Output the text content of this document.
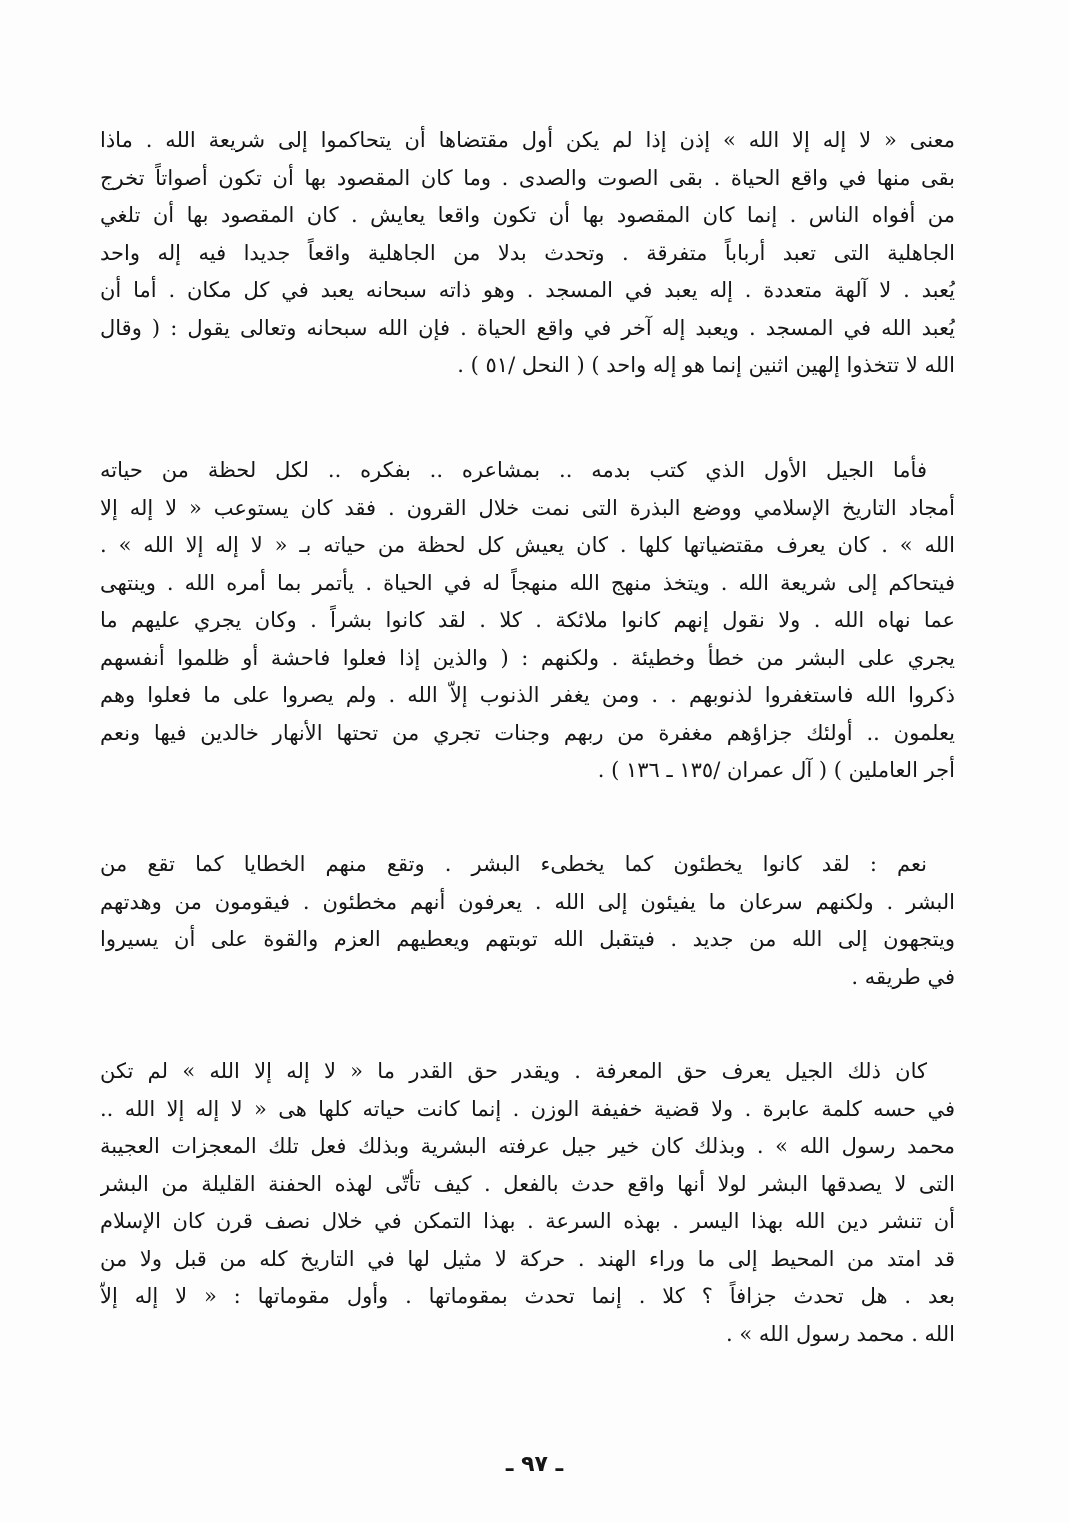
معنى « لا إله إلا الله » إذن إذا لم يكن أول مقتضاها أن يتحاكموا إلى شريعة الله . ماذا
بقى منها في واقع الحياة . بقى الصوت والصدى . وما كان المقصود بها أن تكون أصواتاً تخرج
من أفواه الناس . إنما كان المقصود بها أن تكون واقعا يعايش . كان المقصود بها أن تلغي
الجاهلية التى تعبد أرباباً متفرقة . وتحدث بدلا من الجاهلية واقعاً جديدا فيه إله واحد
يُعبد . لا آلهة متعددة . إله يعبد في المسجد . وهو ذاته سبحانه يعبد في كل مكان . أما أن
يُعبد الله في المسجد . ويعبد إله آخر في واقع الحياة . فإن الله سبحانه وتعالى يقول : ( وقال
الله لا تتخذوا إلهين اثنين إنما هو إله واحد ) ( النحل /٥١ ) .
فأما الجيل الأول الذي كتب بدمه .. بمشاعره .. بفكره .. لكل لحظة من حياته
أمجاد التاريخ الإسلامي ووضع البذرة التى نمت خلال القرون . فقد كان يستوعب « لا إله إلا
الله » . كان يعرف مقتضياتها كلها . كان يعيش كل لحظة من حياته بـ « لا إله إلا الله » .
فيتحاكم إلى شريعة الله . ويتخذ منهج الله منهجاً له في الحياة . يأتمر بما أمره الله . وينتهى
عما نهاه الله . ولا نقول إنهم كانوا ملائكة . كلا . لقد كانوا بشراً . وكان يجري عليهم ما
يجري على البشر من خطأ وخطيئة . ولكنهم : ( والذين إذا فعلوا فاحشة أو ظلموا أنفسهم
ذكروا الله فاستغفروا لذنوبهم . . ومن يغفر الذنوب إلاّ الله . ولم يصروا على ما فعلوا وهم
يعلمون .. أولئك جزاؤهم مغفرة من ربهم وجنات تجري من تحتها الأنهار خالدين فيها ونعم
أجر العاملين ) ( آل عمران /١٣٥ ـ ١٣٦ ) .
نعم : لقد كانوا يخطئون كما يخطىء البشر . وتقع منهم الخطايا كما تقع من
البشر . ولكنهم سرعان ما يفيئون إلى الله . يعرفون أنهم مخطئون . فيقومون من وهدتهم
ويتجهون إلى الله من جديد . فيتقبل الله توبتهم ويعطيهم العزم والقوة على أن يسيروا
في طريقه .
كان ذلك الجيل يعرف حق المعرفة . ويقدر حق القدر ما « لا إله إلا الله » لم تكن
في حسه كلمة عابرة . ولا قضية خفيفة الوزن . إنما كانت حياته كلها هى « لا إله إلا الله ..
محمد رسول الله » . وبذلك كان خير جيل عرفته البشرية وبذلك فعل تلك المعجزات العجيبة
التى لا يصدقها البشر لولا أنها واقع حدث بالفعل . كيف تأتّى لهذه الحفنة القليلة من البشر
أن تنشر دين الله بهذا اليسر . بهذه السرعة . بهذا التمكن في خلال نصف قرن كان الإسلام
قد امتد من المحيط إلى ما وراء الهند . حركة لا مثيل لها في التاريخ كله من قبل ولا من
بعد . هل تحدث جزافاً ؟ كلا . إنما تحدث بمقوماتها . وأول مقوماتها : « لا إله إلاّ
الله . محمد رسول الله » .
ـ ٩٧ ـ
